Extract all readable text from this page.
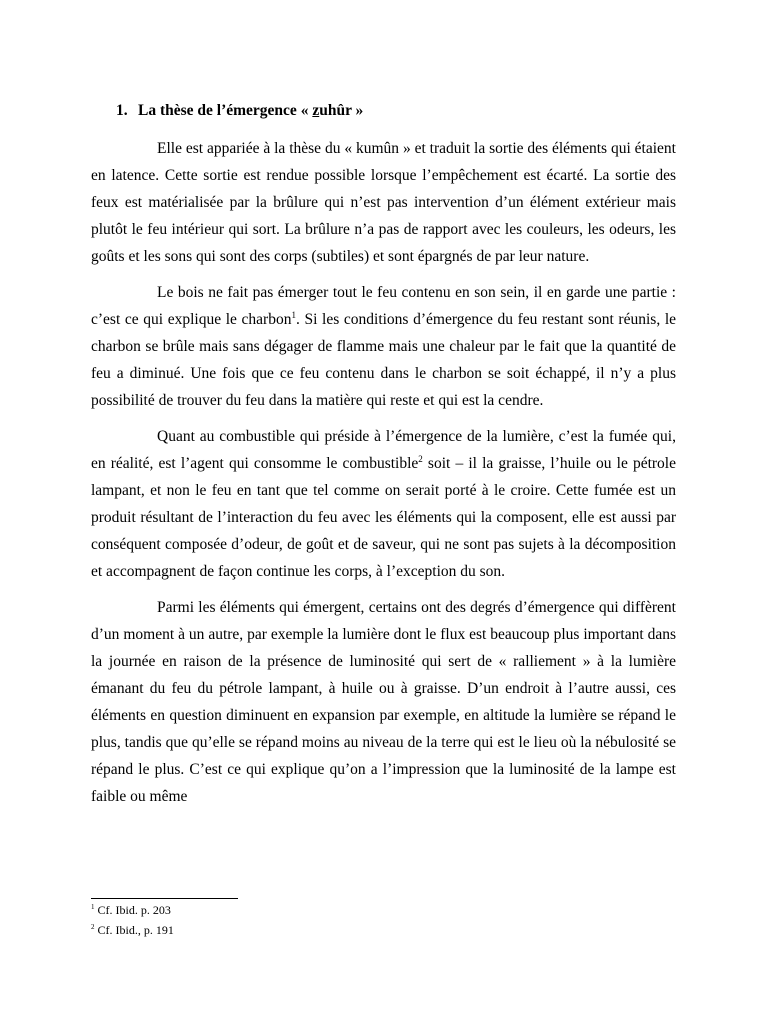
1. La thèse de l’émergence « zuhûr »

Elle est appariée à la thèse du « kumûn » et traduit la sortie des éléments qui étaient en latence. Cette sortie est rendue possible lorsque l’empêchement est écarté. La sortie des feux est matérialisée par la brûlure qui n’est pas intervention d’un élément extérieur mais plutôt le feu intérieur qui sort. La brûlure n’a pas de rapport avec les couleurs, les odeurs, les goûts et les sons qui sont des corps (subtiles) et sont épargnés de par leur nature.

Le bois ne fait pas émerger tout le feu contenu en son sein, il en garde une partie : c’est ce qui explique le charbon$^1$. Si les conditions d’émergence du feu restant sont réunis, le charbon se brûle mais sans dégager de flamme mais une chaleur par le fait que la quantité de feu a diminué. Une fois que ce feu contenu dans le charbon se soit échappé, il n’y a plus possibilité de trouver du feu dans la matière qui reste et qui est la cendre.

Quant au combustible qui préside à l’émergence de la lumière, c’est la fumée qui, en réalité, est l’agent qui consomme le combustible$^2$ soit – il la graisse, l’huile ou le pétrole lampant, et non le feu en tant que tel comme on serait porté à le croire. Cette fumée est un produit résultant de l’interaction du feu avec les éléments qui la composent, elle est aussi par conséquent composée d’odeur, de goût et de saveur, qui ne sont pas sujets à la décomposition et accompagnent de façon continue les corps, à l’exception du son.

Parmi les éléments qui émergent, certains ont des degrés d’émergence qui diffèrent d’un moment à un autre, par exemple la lumière dont le flux est beaucoup plus important dans la journée en raison de la présence de luminosité qui sert de « ralliement » à la lumière émanant du feu du pétrole lampant, à huile ou à graisse. D’un endroit à l’autre aussi, ces éléments en question diminuent en expansion par exemple, en altitude la lumière se répand le plus, tandis que qu’elle se répand moins au niveau de la terre qui est le lieu où la nébulosité se répand le plus. C’est ce qui explique qu’on a l’impression que la luminosité de la lampe est faible ou même

$^1$ Cf. Ibid. p. 203
$^2$ Cf. Ibid., p. 191
